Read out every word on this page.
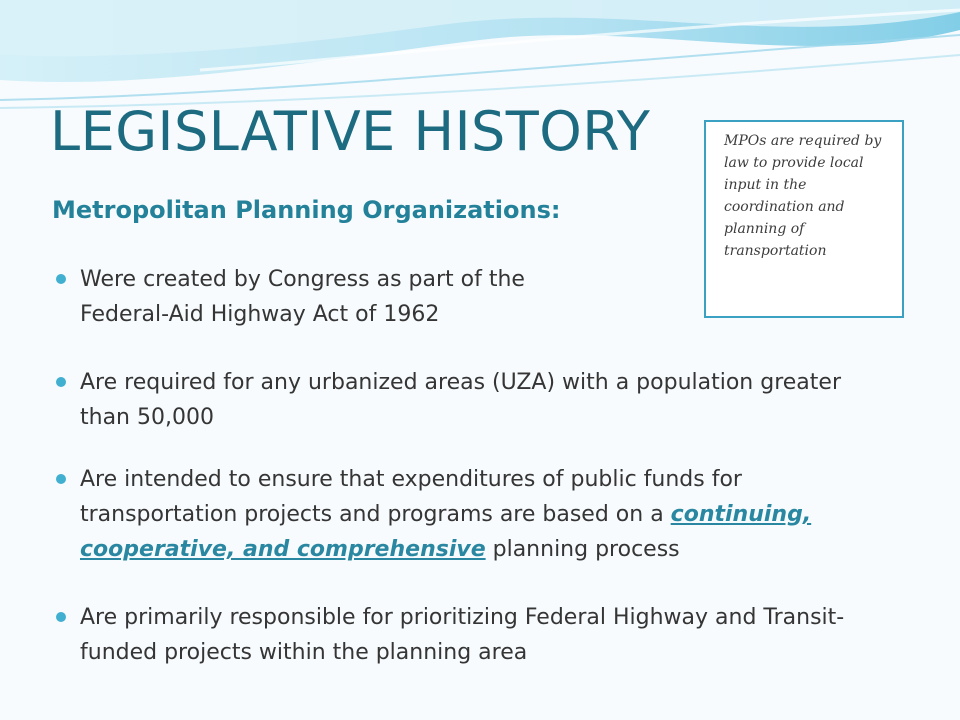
LEGISLATIVE HISTORY
Metropolitan Planning Organizations:

MPOs are required by law to provide local input in the coordination and planning of transportation

Were created by Congress as part of the Federal-Aid Highway Act of 1962
Are required for any urbanized areas (UZA) with a population greater than 50,000
Are intended to ensure that expenditures of public funds for transportation projects and programs are based on a continuing, cooperative, and comprehensive planning process
Are primarily responsible for prioritizing Federal Highway and Transit-funded projects within the planning area
